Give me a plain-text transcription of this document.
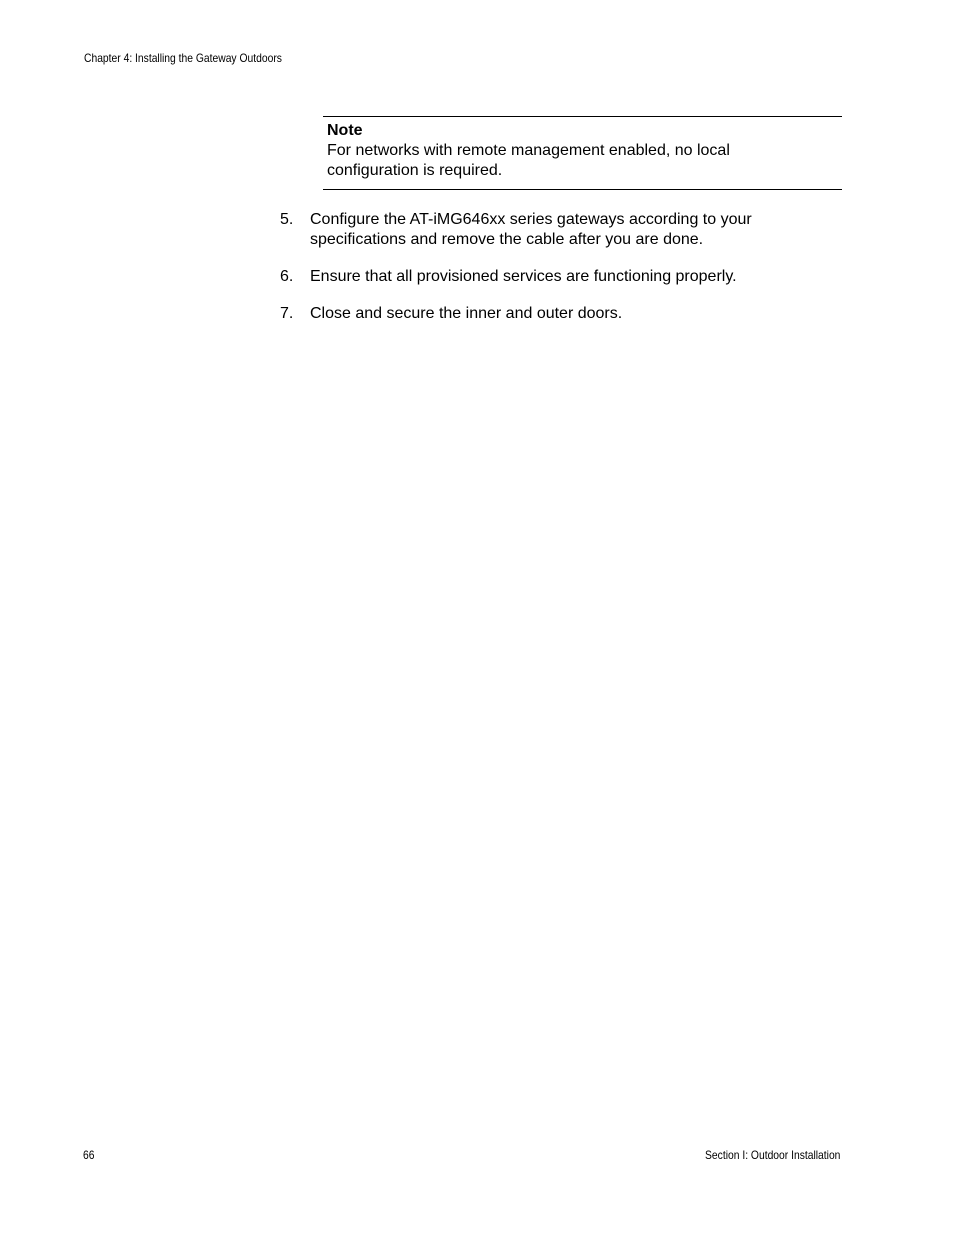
Chapter 4: Installing the Gateway Outdoors
Note
For networks with remote management enabled, no local
configuration is required.
5. Configure the AT-iMG646xx series gateways according to your
specifications and remove the cable after you are done.
6. Ensure that all provisioned services are functioning properly.
7. Close and secure the inner and outer doors.
66	Section I: Outdoor Installation
